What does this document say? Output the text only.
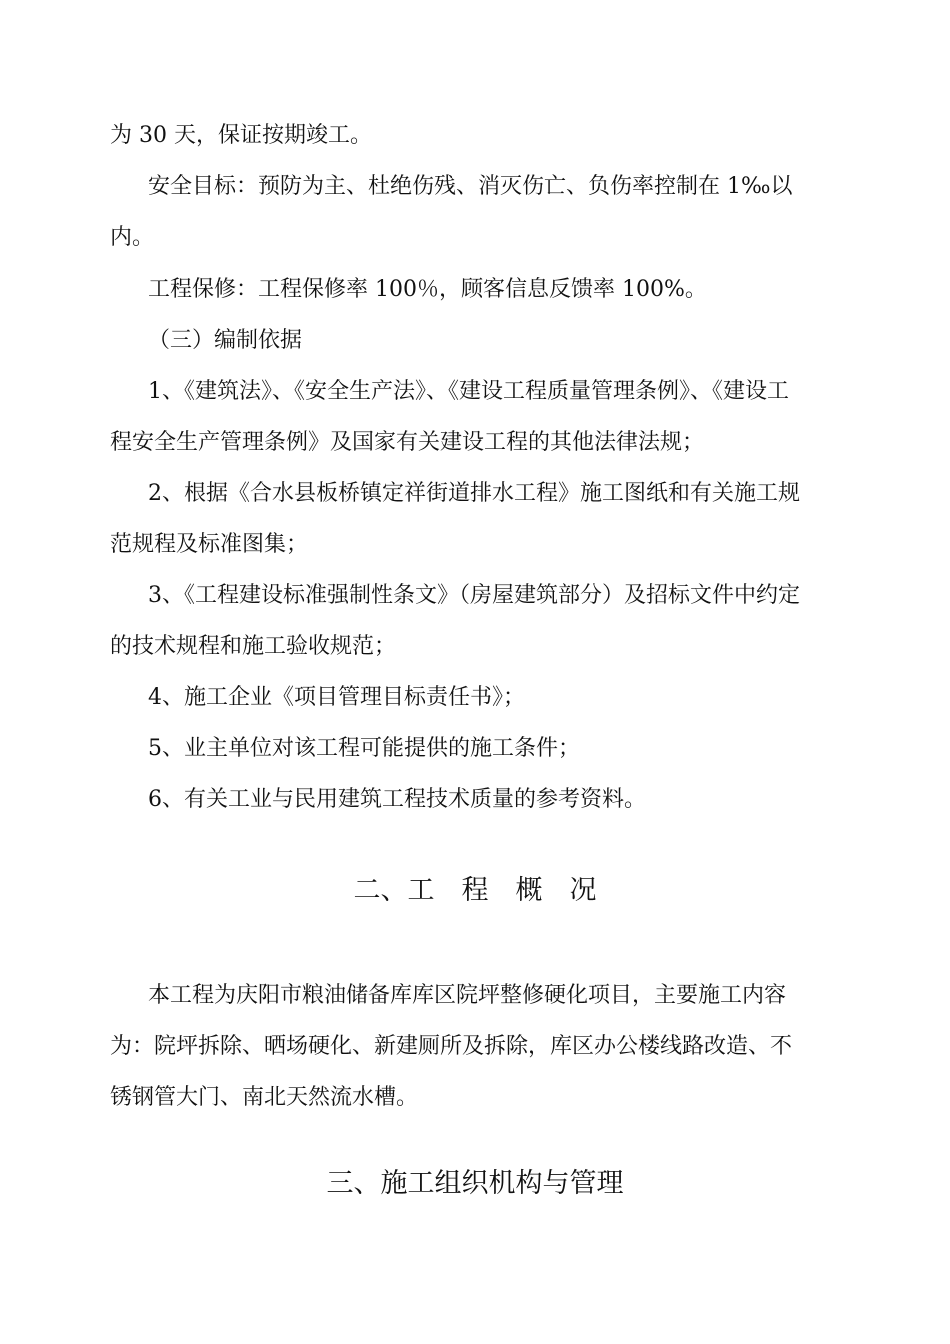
为 30 天，保证按期竣工。
安全目标：预防为主、杜绝伤残、消灭伤亡、负伤率控制在 1‰以
内。
工程保修：工程保修率 100％，顾客信息反馈率 100%。
（三）编制依据
1、《建筑法》、《安全生产法》、《建设工程质量管理条例》、《建设工
程安全生产管理条例》及国家有关建设工程的其他法律法规；
2、根据《合水县板桥镇定祥街道排水工程》施工图纸和有关施工规
范规程及标准图集；
3、《工程建设标准强制性条文》（房屋建筑部分）及招标文件中约定
的技术规程和施工验收规范；
4、施工企业《项目管理目标责任书》；
5、业主单位对该工程可能提供的施工条件；
6、有关工业与民用建筑工程技术质量的参考资料。
二、工　程　概　况
本工程为庆阳市粮油储备库库区院坪整修硬化项目，主要施工内容
为：院坪拆除、晒场硬化、新建厕所及拆除，库区办公楼线路改造、不
锈钢管大门、南北天然流水槽。
三、施工组织机构与管理
